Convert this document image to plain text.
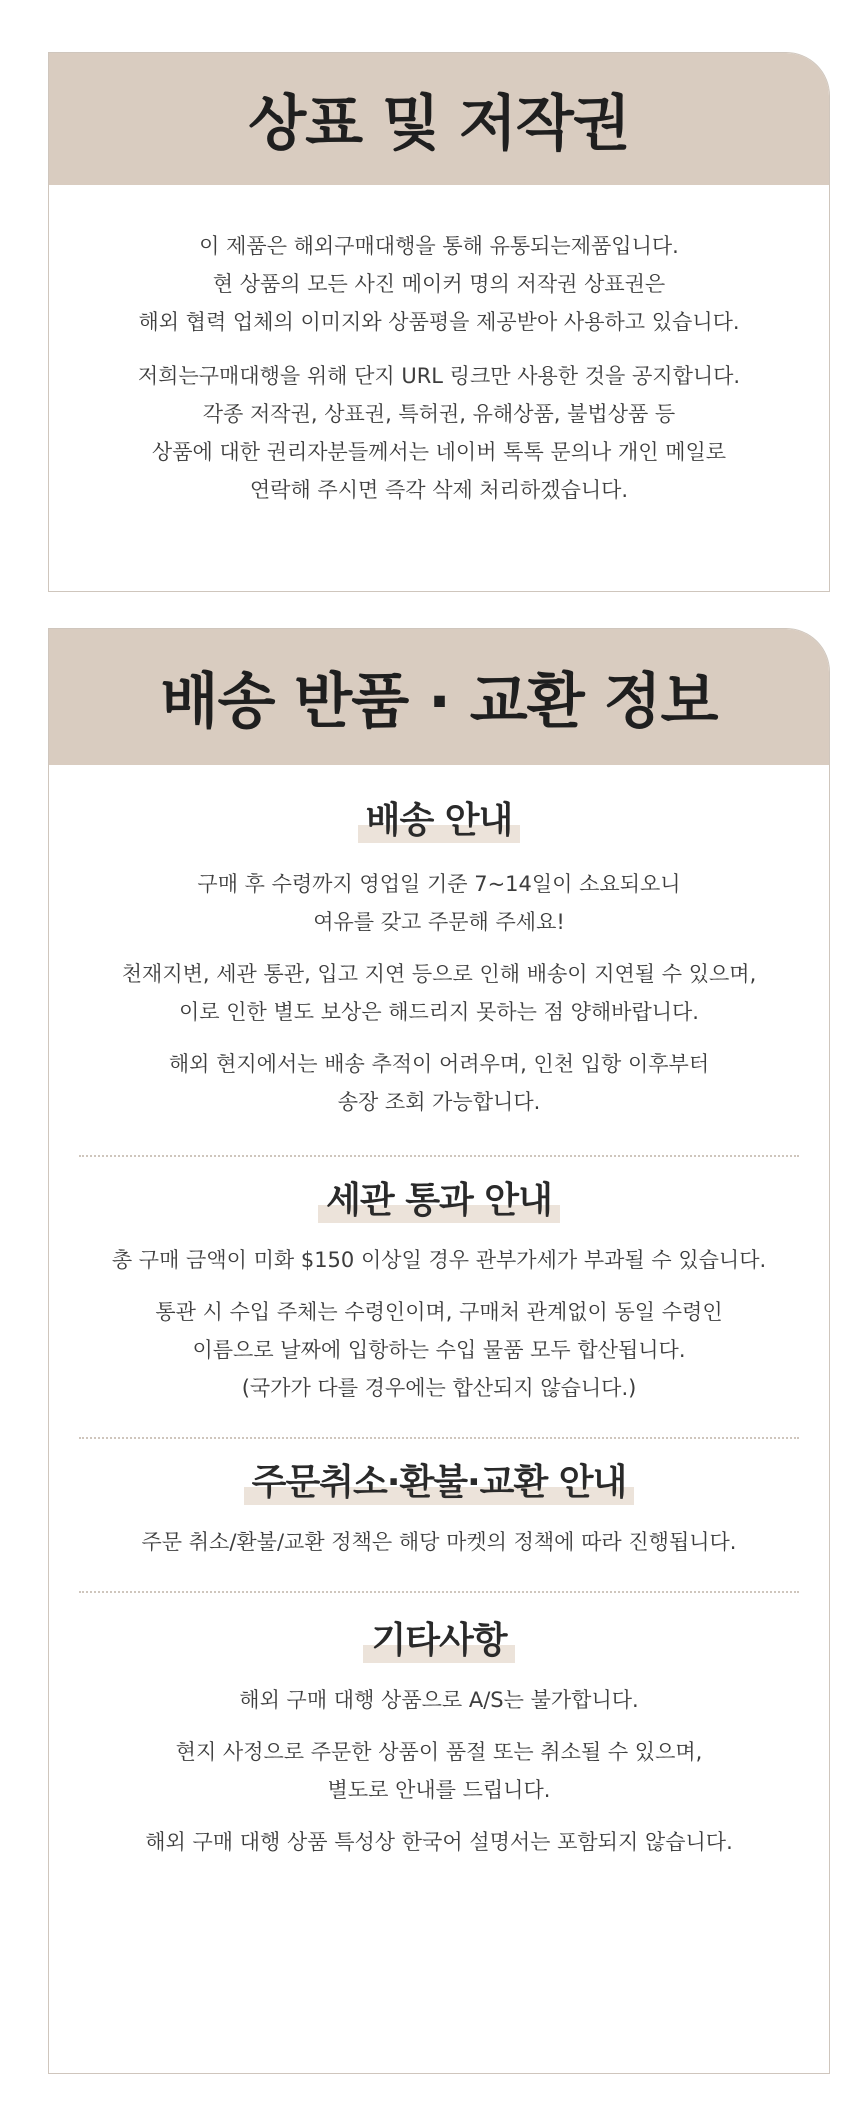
상표 및 저작권

이 제품은 해외구매대행을 통해 유통되는제품입니다.
현 상품의 모든 사진 메이커 명의 저작권 상표권은
해외 협력 업체의 이미지와 상품평을 제공받아 사용하고 있습니다.

저희는구매대행을 위해 단지 URL 링크만 사용한 것을 공지합니다.
각종 저작권, 상표권, 특허권, 유해상품, 불법상품 등
상품에 대한 권리자분들께서는 네이버 톡톡 문의나 개인 메일로
연락해 주시면 즉각 삭제 처리하겠습니다.

배송 반품 · 교환 정보
배송 안내

구매 후 수령까지 영업일 기준 7~14일이 소요되오니
여유를 갖고 주문해 주세요!

천재지변, 세관 통관, 입고 지연 등으로 인해 배송이 지연될 수 있으며,
이로 인한 별도 보상은 해드리지 못하는 점 양해바랍니다.

해외 현지에서는 배송 추적이 어려우며, 인천 입항 이후부터
송장 조회 가능합니다.

세관 통과 안내

총 구매 금액이 미화 $150 이상일 경우 관부가세가 부과될 수 있습니다.

통관 시 수입 주체는 수령인이며, 구매처 관계없이 동일 수령인
이름으로 날짜에 입항하는 수입 물품 모두 합산됩니다.
(국가가 다를 경우에는 합산되지 않습니다.)

주문취소·환불·교환 안내

주문 취소/환불/교환 정책은 해당 마켓의 정책에 따라 진행됩니다.

기타사항

해외 구매 대행 상품으로 A/S는 불가합니다.

현지 사정으로 주문한 상품이 품절 또는 취소될 수 있으며,
별도로 안내를 드립니다.

해외 구매 대행 상품 특성상 한국어 설명서는 포함되지 않습니다.
